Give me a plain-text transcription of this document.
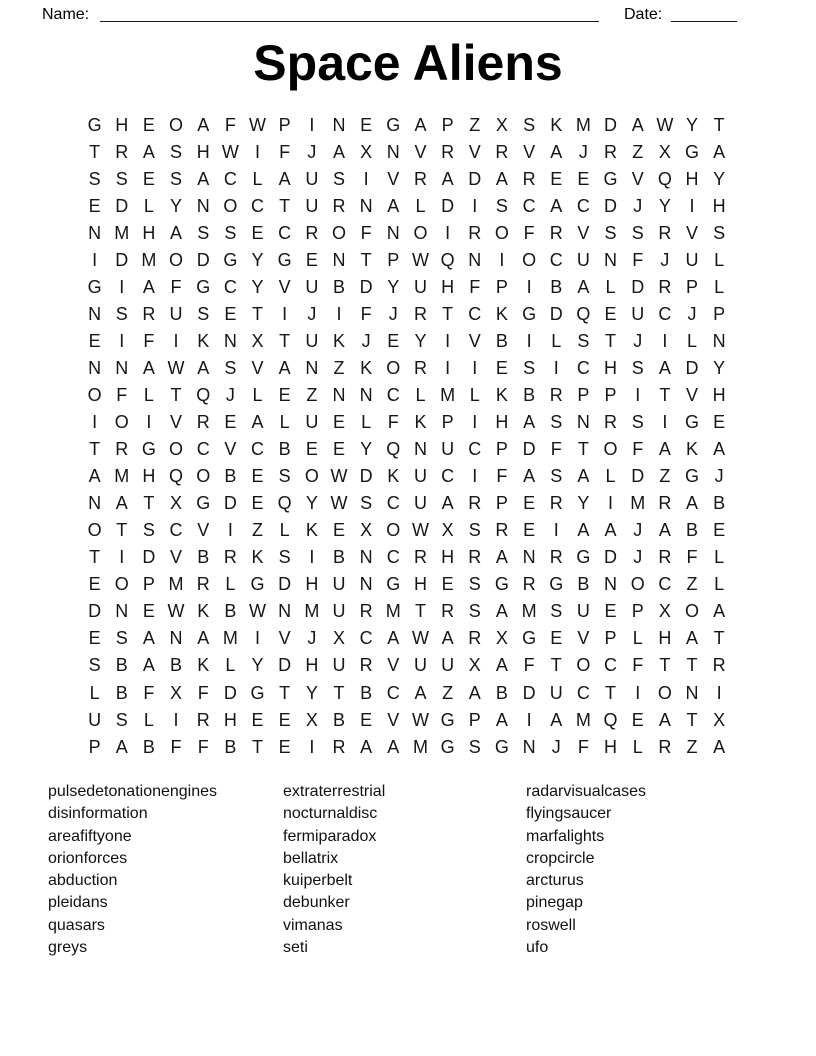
Name:	Date:
Space Aliens
G H E O A F W P	I	N E G A P Z X S K M D A W Y T
T R A S H W I	F J A X N V R V R V A J R Z X G A
S S E S A C L A U S	I	V R A D A R E E G V Q H Y
E D L Y N O C T U R N A L D	I	S C A C D J Y	I	H
N M H A S S E C R O F N O I	R O F R V S S R V S
I	D M O D G Y G E N T P W Q N	I O C U N F J U L
G I	A F G C Y V U B D Y U H F P	I	B A L D R P L
N S R U S E T	I	J	I	F J R T C K G D Q E U C J P
E	I	F	I	K N X T U K J E Y	I	V B	I	L S T J	I	L N
N N A W A S V A N Z K O R	I	I	E S	I	C H S A D Y
O F L T Q J L E Z N N C L M L K B R P P	I	T V H
I O I	V R E A L U E L F K P	I	H A S N R S	I G E
T R G O C V C B E E Y Q N U C P D F T O F A K A
A M H Q O B E S O W D K U C	I	F A S A L D Z G J
N A T X G D E Q Y W S C U A R P E R Y	I M R A B
O T S C V	I	Z L K E X O W X S R E	I	A A J A B E
T	I	D V B R K S	I	B N C R H R A N R G D J R F L
E O P M R L G D H U N G H E S G R G B N O C Z L
D N E W K B W N M U R M T R S A M S U E P X O A
E S A N A M I	V J X C A W A R X G E V P L H A T
S B A B K L Y D H U R V U U X A F T O C F T T R
L B F X F D G T Y T B C A Z A B D U C T	I O N	I
U S L	I	R H E E X B E V W G P A	I	A M Q E A T X
P A B F F B T E	I	R A A M G S G N J F H L R Z A
pulsedetonationengines
disinformation
areafiftyone
orionforces
abduction
pleidans
quasars
greys
extraterrestrial
nocturnaldisc
fermiparadox
bellatrix
kuiperbelt
debunker
vimanas
seti
radarvisualcases
flyingsaucer
marfalights
cropcircle
arcturus
pinegap
roswell
ufo
